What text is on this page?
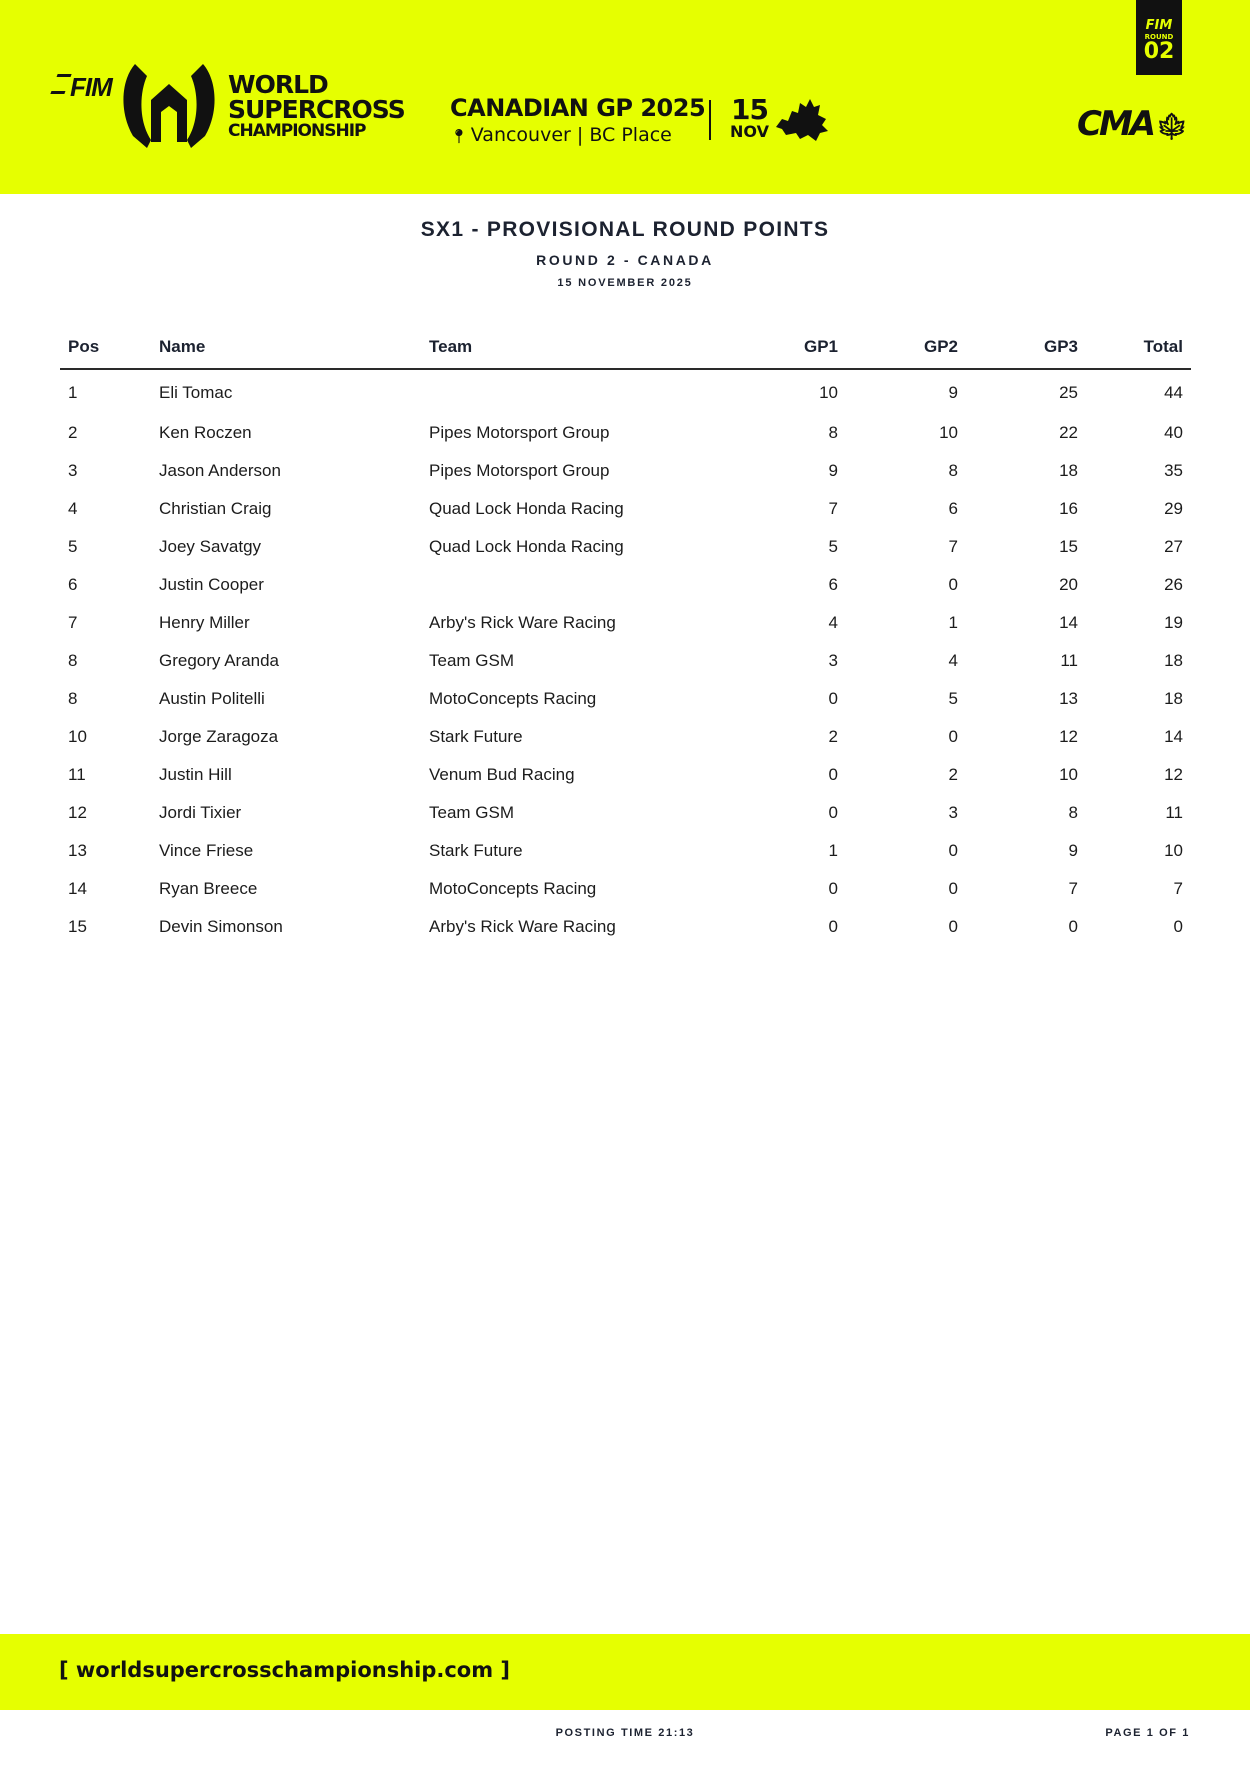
FIM	WORLD
SUPERCROSS
CHAMPIONSHIP
CANADIAN GP 2025
📍︎ Vancouver | BC Place
15
NOV
FIM
ROUND
02
CMA🍁︎
SX1 - PROVISIONAL ROUND POINTS
ROUND 2 - CANADA
15 NOVEMBER 2025
Pos	Name	Team	GP1	GP2	GP3	Total
1	Eli Tomac		10	9	25	44
2	Ken Roczen	Pipes Motorsport Group	8	10	22	40
3	Jason Anderson	Pipes Motorsport Group	9	8	18	35
4	Christian Craig	Quad Lock Honda Racing	7	6	16	29
5	Joey Savatgy	Quad Lock Honda Racing	5	7	15	27
6	Justin Cooper		6	0	20	26
7	Henry Miller	Arby's Rick Ware Racing	4	1	14	19
8	Gregory Aranda	Team GSM	3	4	11	18
8	Austin Politelli	MotoConcepts Racing	0	5	13	18
10	Jorge Zaragoza	Stark Future	2	0	12	14
11	Justin Hill	Venum Bud Racing	0	2	10	12
12	Jordi Tixier	Team GSM	0	3	8	11
13	Vince Friese	Stark Future	1	0	9	10
14	Ryan Breece	MotoConcepts Racing	0	0	7	7
15	Devin Simonson	Arby's Rick Ware Racing	0	0	0	0
[ worldsupercrosschampionship.com ]
POSTING TIME 21:13	PAGE 1 OF 1
